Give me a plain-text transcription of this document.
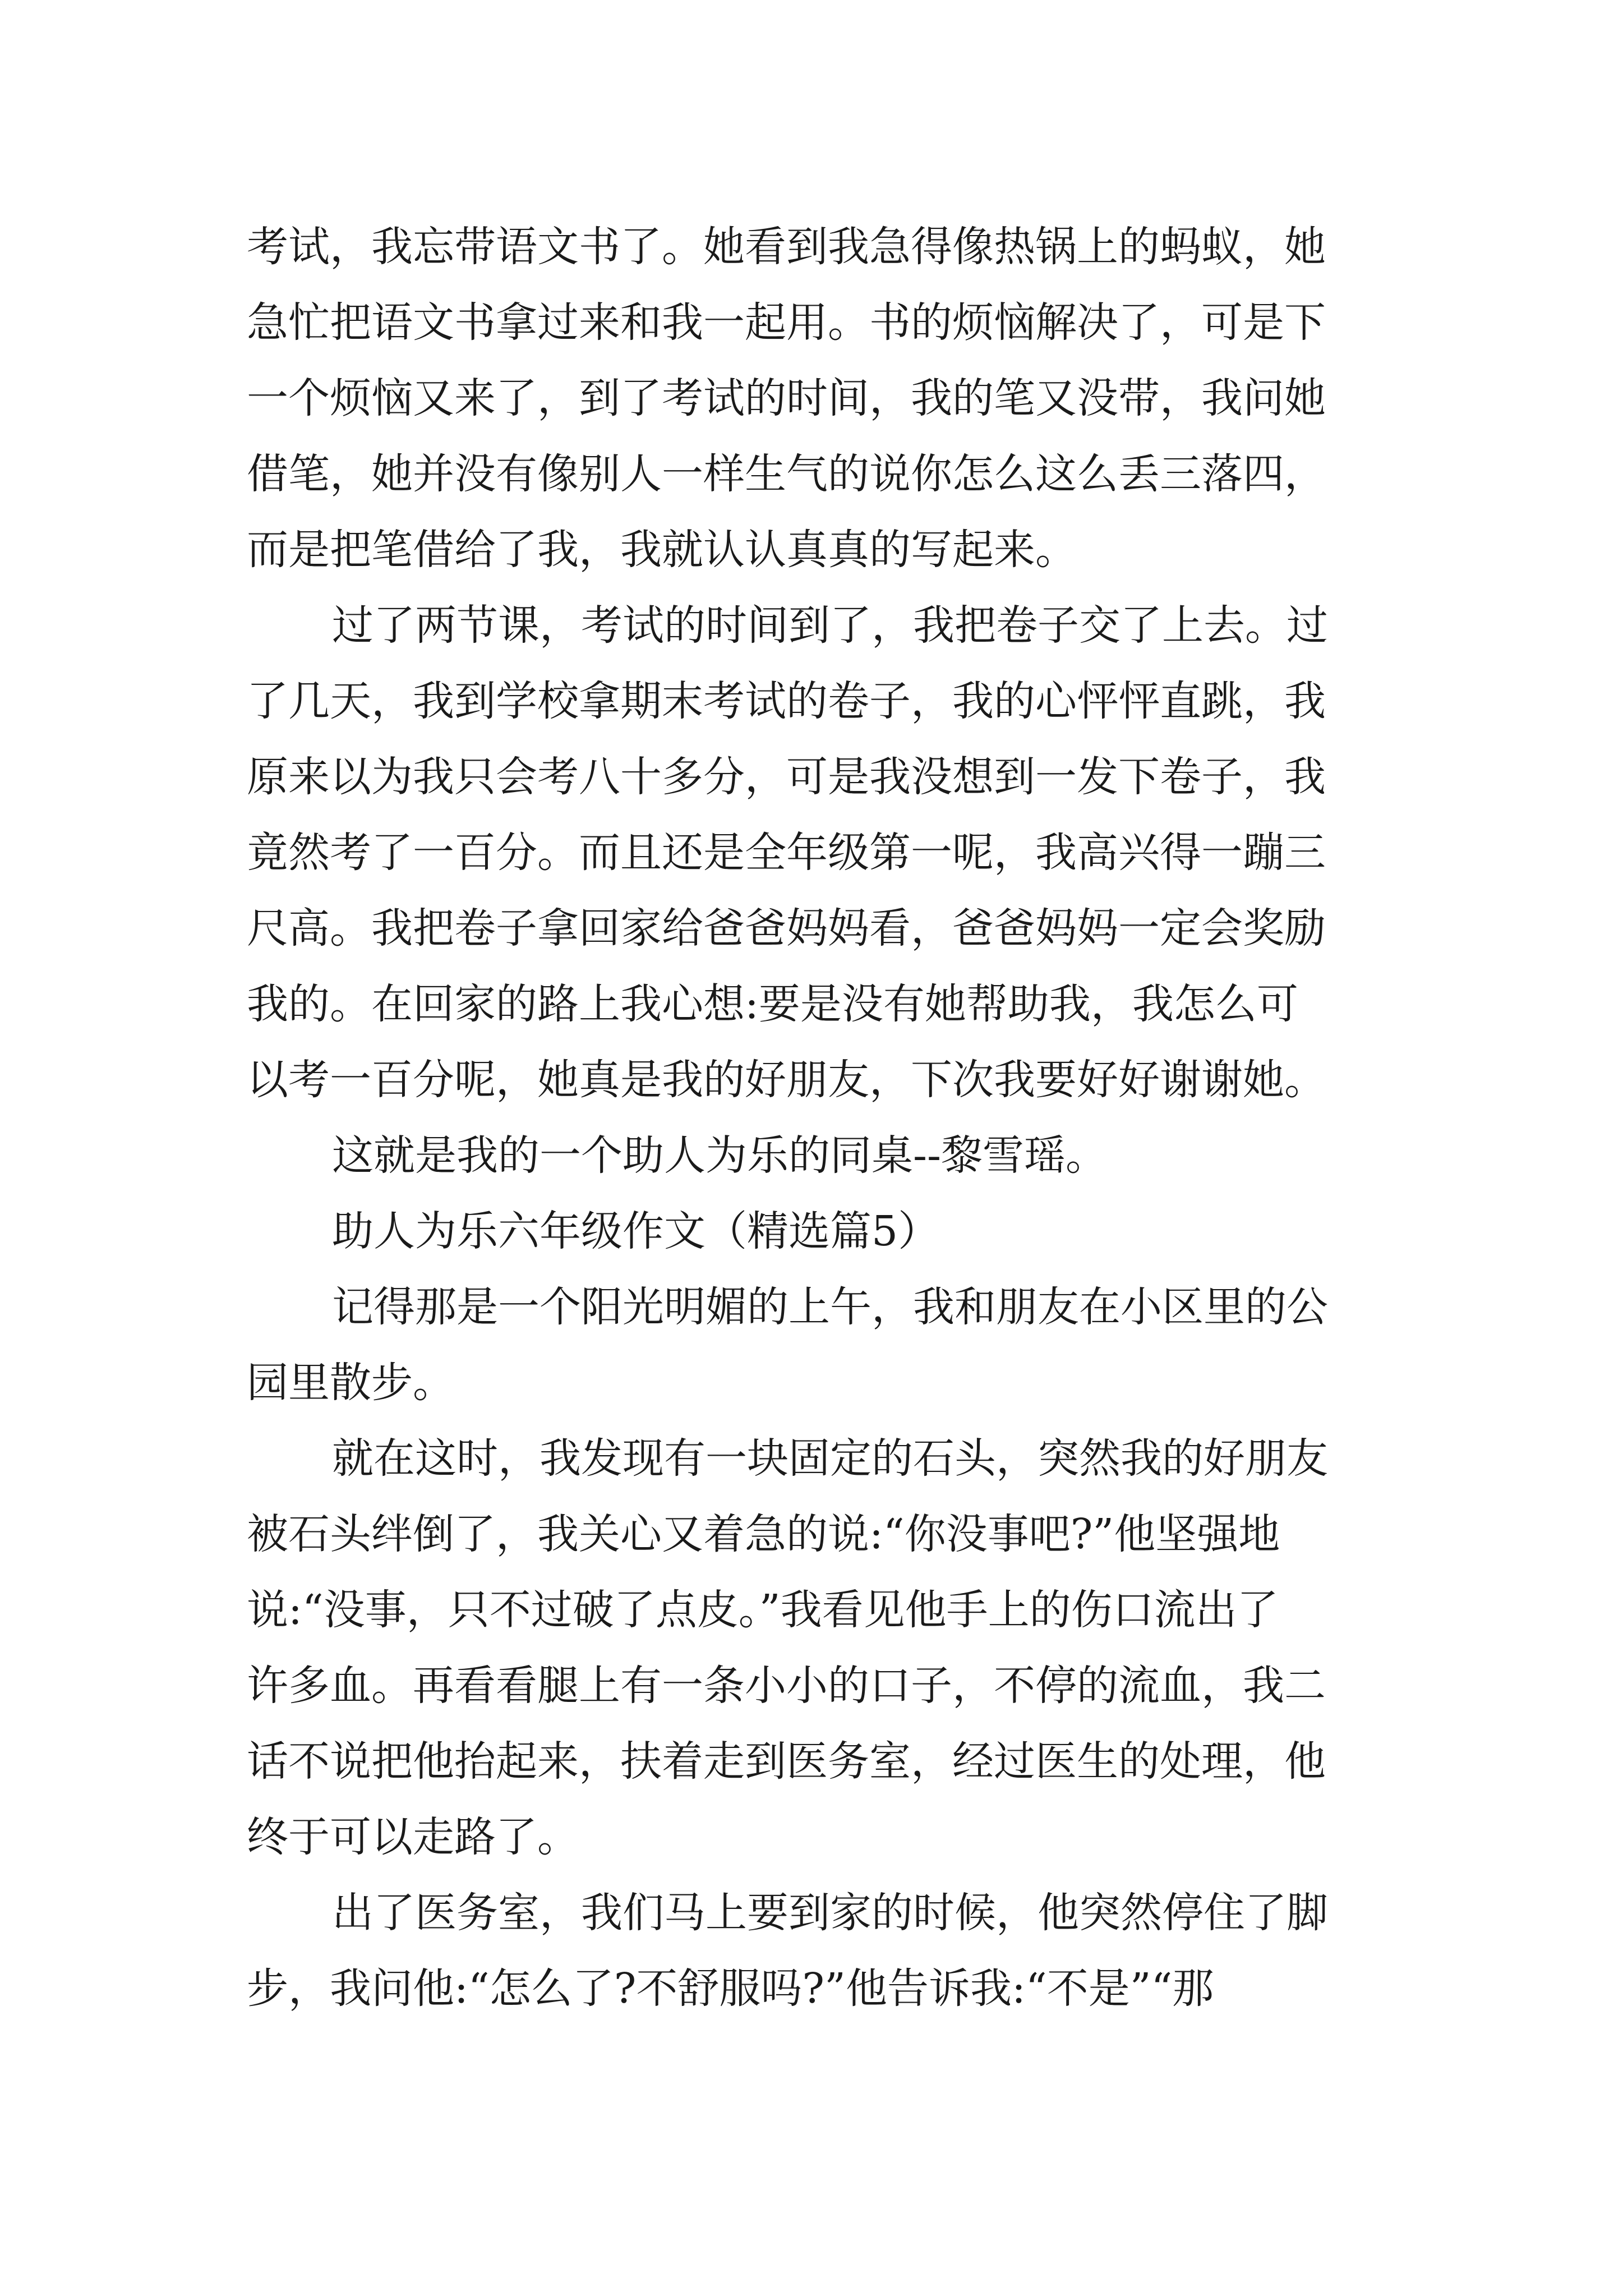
考试，我忘带语文书了。她看到我急得像热锅上的蚂蚁，她

急忙把语文书拿过来和我一起用。书的烦恼解决了，可是下

一个烦恼又来了，到了考试的时间，我的笔又没带，我问她

借笔，她并没有像别人一样生气的说你怎么这么丢三落四，

而是把笔借给了我，我就认认真真的写起来。

过了两节课，考试的时间到了，我把卷子交了上去。过

了几天，我到学校拿期末考试的卷子，我的心怦怦直跳，我

原来以为我只会考八十多分，可是我没想到一发下卷子，我

竟然考了一百分。而且还是全年级第一呢，我高兴得一蹦三

尺高。我把卷子拿回家给爸爸妈妈看，爸爸妈妈一定会奖励

我的。在回家的路上我心想:要是没有她帮助我，我怎么可

以考一百分呢，她真是我的好朋友，下次我要好好谢谢她。

这就是我的一个助人为乐的同桌--黎雪瑶。

助人为乐六年级作文（精选篇5）

记得那是一个阳光明媚的上午，我和朋友在小区里的公

园里散步。

就在这时，我发现有一块固定的石头，突然我的好朋友

被石头绊倒了，我关心又着急的说:“你没事吧?”他坚强地

说:“没事，只不过破了点皮。”我看见他手上的伤口流出了

许多血。再看看腿上有一条小小的口子，不停的流血，我二

话不说把他抬起来，扶着走到医务室，经过医生的处理，他

终于可以走路了。

出了医务室，我们马上要到家的时候，他突然停住了脚

步，我问他:“怎么了?不舒服吗?”他告诉我:“不是”“那
